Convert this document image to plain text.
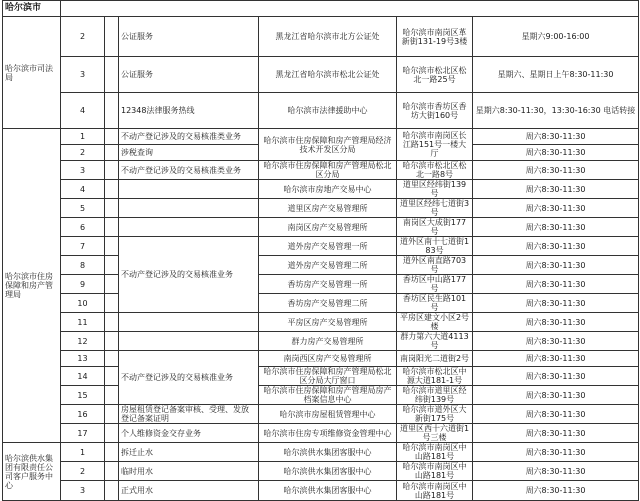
哈尔滨市						
哈尔滨市司法局	2		公证服务	黑龙江省哈尔滨市北方公证处	哈尔滨市南岗区革新街131-19号3楼	星期六9:00-16:00
	3		公证服务	黑龙江省哈尔滨市松北公证处	哈尔滨市松北区松北一路25号	星期六、星期日上午8:30-11:30
	4		12348法律服务热线	哈尔滨市法律援助中心	哈尔滨市香坊区香坊大街160号	星期六8:30-11:30，13:30-16:30 电话转接
哈尔滨市住房保障和房产管理局	1		不动产登记涉及的交易核准类业务	哈尔滨市住房保障和房产管理局经济技术开发区分局	哈尔滨市南岗区长江路151号一楼大厅	周六8:30-11:30
	2		涉税查询			周六8:30-11:30
	3		不动产登记涉及的交易核准类业务	哈尔滨市住房保障和房产管理局松北区分局	哈尔滨市松北区松北一路8号	周六8:30-11:30
	4			哈尔滨市房地产交易中心	道里区经纬街139号	周六8:30-11:30
	5			道里区房产交易管理所	道里区经纬七道街3号	周六8:30-11:30
	6			南岗区房产交易管理所	南岗区大成街177号	周六8:30-11:30
	7		不动产登记涉及的交易核准业务	道外房产交易管理一所	道外区南十七道街183号	周六8:30-11:30
	8			道外房产交易管理二所	道外区南直路703号	周六8:30-11:30
	9			香坊房产交易管理一所	香坊区中山路177号	周六8:30-11:30
	10			香坊房产交易管理二所	香坊区民生路101号	周六8:30-11:30
	11			平房区房产交易管理所	平房区建文小区2号楼	周六8:30-11:30
	12			群力房产交易管理所	群力第六大道4113号	周六8:30-11:30
	13		不动产登记涉及的交易核准业务	南岗西区房产交易管理所	南岗阳光二道街2号	周六8:30-11:30
	14			哈尔滨市住房保障和房产管理局松北区分局大厅窗口	哈尔滨市松北区中源大道181-1号	周六8:30-11:30
	15			哈尔滨市住房保障和房产管理局房产档案信息中心	哈尔滨市道里区经纬街139号	周六8:30-11:30
	16		房屋租赁登记备案审核、受理、发放登记备案证明	哈尔滨市房屋租赁管理中心	哈尔滨市道外区大新街175号	周六8:30-11:30
	17		个人维修资金交存业务	哈尔滨市住房专项维修资金管理中心	道里区西十六道街1号三楼	周六8:30-11:30
哈尔滨供水集团有限责任公司客户服务中心	1		拆迁止水	哈尔滨供水集团客服中心	哈尔滨市南岗区中山路181号	周六8:30-11:30
	2		临时用水	哈尔滨供水集团客服中心	哈尔滨市南岗区中山路181号	周六8:30-11:30
	3		正式用水	哈尔滨供水集团客服中心	哈尔滨市南岗区中山路181号	周六8:30-11:30
